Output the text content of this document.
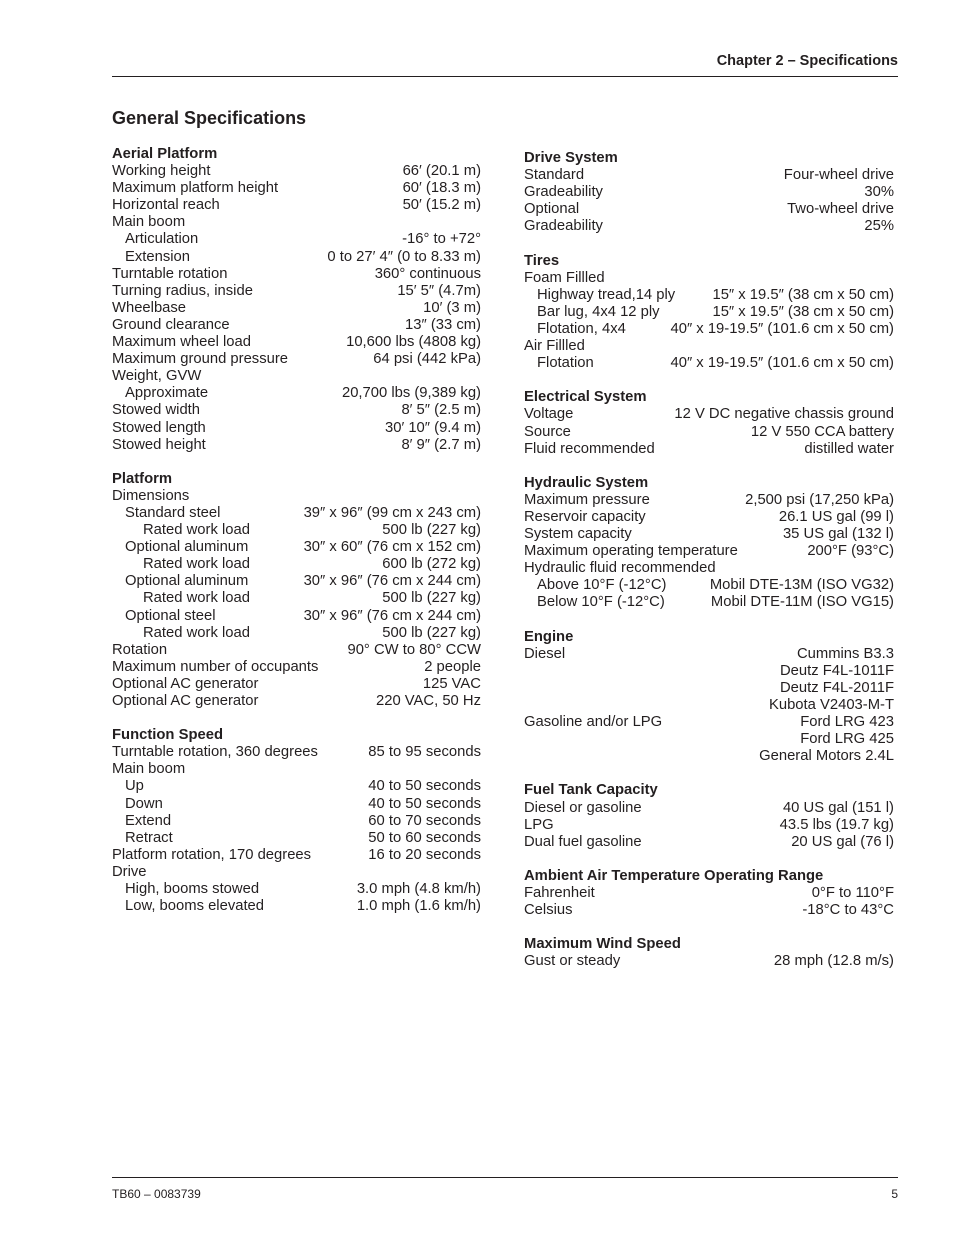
Chapter 2 – Specifications
General Specifications
Aerial Platform
Working height	66′ (20.1 m)
Maximum platform height	60′ (18.3 m)
Horizontal reach	50′ (15.2 m)
Main boom
Articulation	-16° to +72°
Extension	0 to 27′ 4″ (0 to 8.33 m)
Turntable rotation	360° continuous
Turning radius, inside	15′ 5″ (4.7m)
Wheelbase	10′ (3 m)
Ground clearance	13″ (33 cm)
Maximum wheel load	10,600 lbs (4808 kg)
Maximum ground pressure	64 psi (442 kPa)
Weight, GVW
Approximate	20,700 lbs (9,389 kg)
Stowed width	8′ 5″ (2.5 m)
Stowed length	30′ 10″ (9.4 m)
Stowed height	8′ 9″ (2.7 m)
Platform
Dimensions
Standard steel	39″ x 96″ (99 cm x 243 cm)
Rated work load	500 lb (227 kg)
Optional aluminum	30″ x 60″ (76 cm x 152 cm)
Rated work load	600 lb (272 kg)
Optional aluminum	30″ x 96″ (76 cm x 244 cm)
Rated work load	500 lb (227 kg)
Optional steel	30″ x 96″ (76 cm x 244 cm)
Rated work load	500 lb (227 kg)
Rotation	90° CW to 80° CCW
Maximum number of occupants	2 people
Optional AC generator	125 VAC
Optional AC generator	220 VAC, 50 Hz
Function Speed
Turntable rotation, 360 degrees	85 to 95 seconds
Main boom
Up	40 to 50 seconds
Down	40 to 50 seconds
Extend	60 to 70 seconds
Retract	50 to 60 seconds
Platform rotation, 170 degrees	16 to 20 seconds
Drive
High, booms stowed	3.0 mph (4.8 km/h)
Low, booms elevated	1.0 mph (1.6 km/h)
Drive System
Standard	Four-wheel drive
Gradeability	30%
Optional	Two-wheel drive
Gradeability	25%
Tires
Foam Fillled
Highway tread,14 ply	15″ x 19.5″ (38 cm x 50 cm)
Bar lug, 4x4 12 ply	15″ x 19.5″ (38 cm x 50 cm)
Flotation, 4x4	40″ x 19-19.5″ (101.6 cm x 50 cm)
Air Fillled
Flotation	40″ x 19-19.5″ (101.6 cm x 50 cm)
Electrical System
Voltage	12 V DC negative chassis ground
Source	12 V 550 CCA battery
Fluid recommended	distilled water
Hydraulic System
Maximum pressure	2,500 psi (17,250 kPa)
Reservoir capacity	26.1 US gal (99 l)
System capacity	35 US gal (132 l)
Maximum operating temperature	200°F (93°C)
Hydraulic fluid recommended
Above 10°F (-12°C)	Mobil DTE-13M (ISO VG32)
Below 10°F (-12°C)	Mobil DTE-11M (ISO VG15)
Engine
Diesel	Cummins B3.3
Deutz F4L-1011F
Deutz F4L-2011F
Kubota V2403-M-T
Gasoline and/or LPG	Ford LRG 423
Ford LRG 425
General Motors 2.4L
Fuel Tank Capacity
Diesel or gasoline	40 US gal (151 l)
LPG	43.5 lbs (19.7 kg)
Dual fuel gasoline	20 US gal (76 l)
Ambient Air Temperature Operating Range
Fahrenheit	0°F to 110°F
Celsius	-18°C to 43°C
Maximum Wind Speed
Gust or steady	28 mph (12.8 m/s)
TB60 – 0083739	5
